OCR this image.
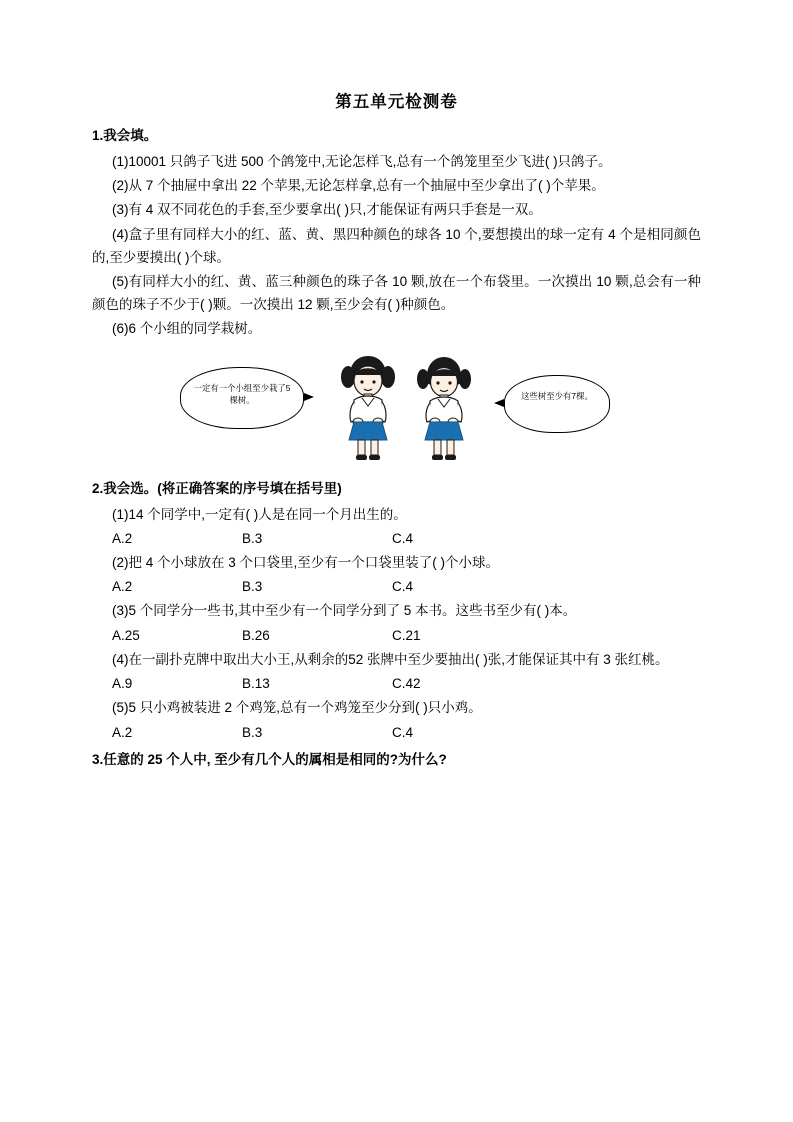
第五单元检测卷
1.我会填。

(1)10001 只鸽子飞进 500 个鸽笼中,无论怎样飞,总有一个鸽笼里至少飞进( )只鸽子。

(2)从 7 个抽屉中拿出 22 个苹果,无论怎样拿,总有一个抽屉中至少拿出了( )个苹果。

(3)有 4 双不同花色的手套,至少要拿出( )只,才能保证有两只手套是一双。

(4)盒子里有同样大小的红、蓝、黄、黑四种颜色的球各 10 个,要想摸出的球一定有 4 个是相同颜色的,至少要摸出( )个球。

(5)有同样大小的红、黄、蓝三种颜色的珠子各 10 颗,放在一个布袋里。一次摸出 10 颗,总会有一种颜色的珠子不少于( )颗。一次摸出 12 颗,至少会有( )种颜色。

(6)6 个小组的同学栽树。

一定有一个小组至少栽了5棵树。	这些树至少有7棵。
2.我会选。(将正确答案的序号填在括号里)

(1)14 个同学中,一定有( )人是在同一个月出生的。

A.2	B.3	C.4

(2)把 4 个小球放在 3 个口袋里,至少有一个口袋里装了( )个小球。

A.2	B.3	C.4

(3)5 个同学分一些书,其中至少有一个同学分到了 5 本书。这些书至少有( )本。

A.25	B.26	C.21

(4)在一副扑克牌中取出大小王,从剩余的52 张牌中至少要抽出( )张,才能保证其中有 3 张红桃。

A.9	B.13	C.42

(5)5 只小鸡被装进 2 个鸡笼,总有一个鸡笼至少分到( )只小鸡。

A.2	B.3	C.4
3.任意的 25 个人中, 至少有几个人的属相是相同的?为什么?
